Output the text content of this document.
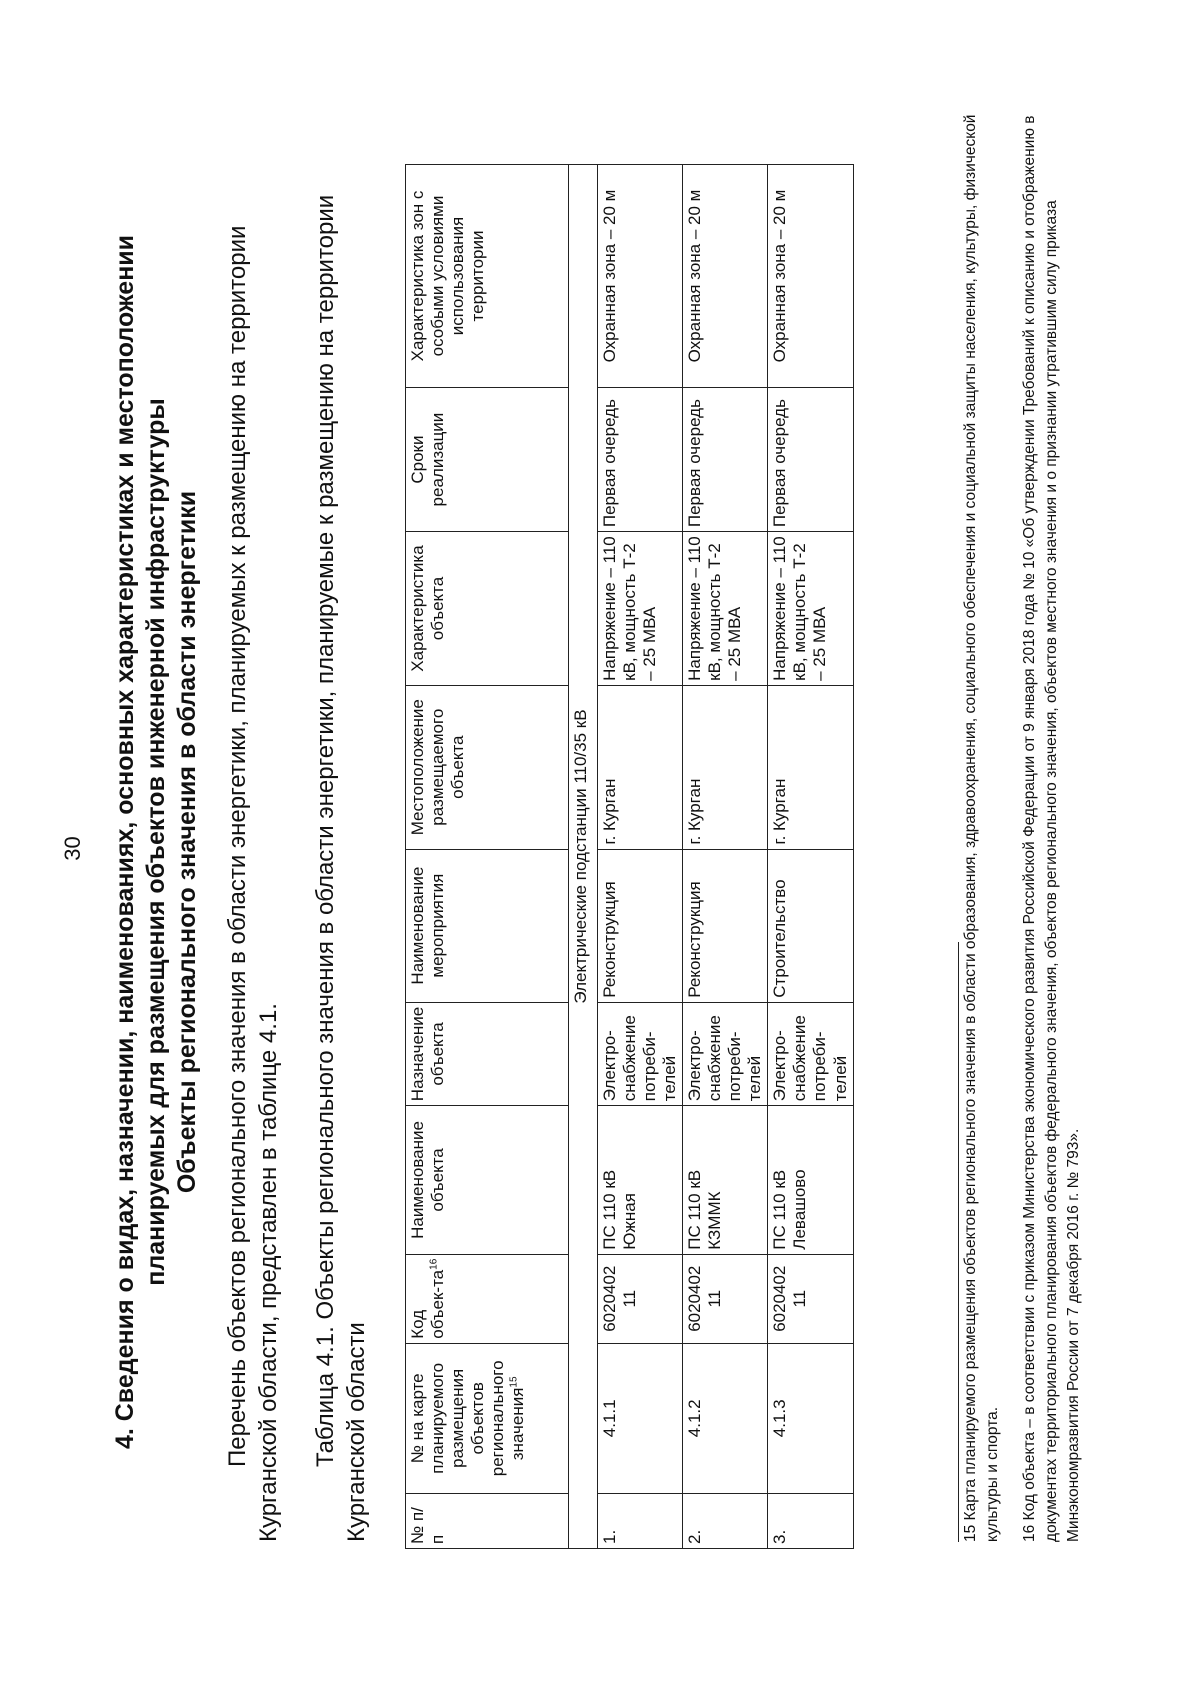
30 4. Сведения о видах, назначении, наименованиях, основных характеристиках и местоположении планируемых для размещения объектов инженерной инфраструктуры Объекты регионального значения в области энергетики Перечень объектов регионального значения в области энергетики, планируемых к размещению на территории Курганской области, представлен в таблице 4.1. Таблица 4.1. Объекты регионального значения в области энергетики, планируемые к размещению на территории Курганской области № п/п	№ на карте планируемого размещения объектов регионального значения$^{15}$	Код объек-$та^{16}$	Наименование объекта	Назначение объекта	Наименование мероприятия	Местоположение размещаемого объекта	Характеристика объекта	Сроки реализации	Характеристика зон с особыми условиями использования территории
Электрические подстанции 110/35 кВ									
1.	4.1.1	6020402 11	ПС 110 кВ Южная	Электро-снабжение потреби-телей	Реконструкция	г. Курган	Напряжение – 110 кВ, мощность Т-2 – 25 МВА	Первая очередь	Охранная зона – 20 м
2.	4.1.2	6020402 11	ПС 110 кВ КЗММК	Электро-снабжение потреби-телей	Реконструкция	г. Курган	Напряжение – 110 кВ, мощность Т-2 – 25 МВА	Первая очередь	Охранная зона – 20 м
3.	4.1.3	6020402 11	ПС 110 кВ Левашово	Электро-снабжение потреби-телей	Строительство	г. Курган	Напряжение – 110 кВ, мощность Т-2 – 25 МВА	Первая очередь	Охранная зона – 20 м	15 Карта планируемого размещения объектов регионального значения в области образования, здравоохранения, социального обеспечения и социальной защиты населения, культуры, физической культуры и спорта. 16 Код объекта – в соответствии с приказом Министерства экономического развития Российской Федерации от 9 января 2018 года № 10 «Об утверждении Требований к описанию и отображению в документах территориального планирования объектов федерального значения, объектов регионального значения, объектов местного значения и о признании утратившим силу приказа Минэкономразвития России от 7 декабря 2016 г. № 793».
